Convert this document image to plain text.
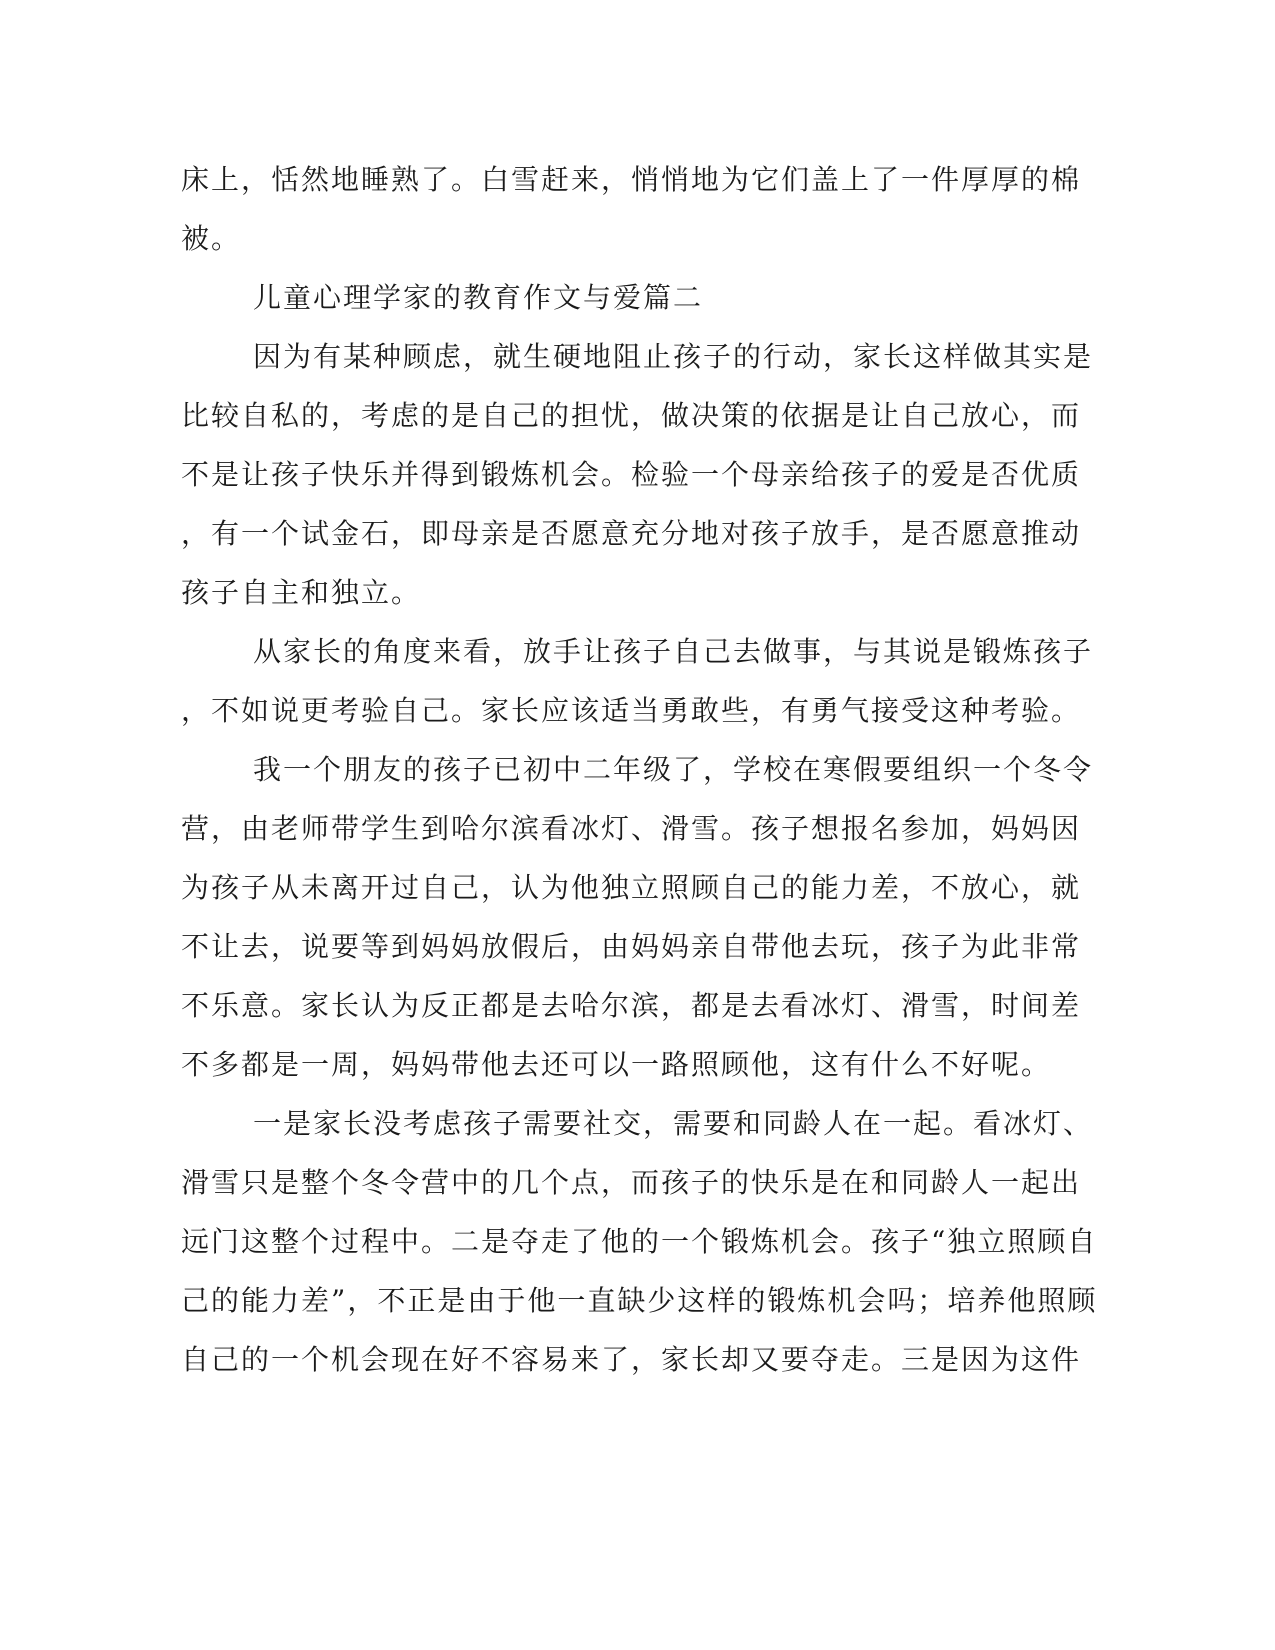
床上，恬然地睡熟了。白雪赶来，悄悄地为它们盖上了一件厚厚的棉
被。
儿童心理学家的教育作文与爱篇二
因为有某种顾虑，就生硬地阻止孩子的行动，家长这样做其实是
比较自私的，考虑的是自己的担忧，做决策的依据是让自己放心，而
不是让孩子快乐并得到锻炼机会。检验一个母亲给孩子的爱是否优质
，有一个试金石，即母亲是否愿意充分地对孩子放手，是否愿意推动
孩子自主和独立。
从家长的角度来看，放手让孩子自己去做事，与其说是锻炼孩子
，不如说更考验自己。家长应该适当勇敢些，有勇气接受这种考验。
我一个朋友的孩子已初中二年级了，学校在寒假要组织一个冬令
营，由老师带学生到哈尔滨看冰灯、滑雪。孩子想报名参加，妈妈因
为孩子从未离开过自己，认为他独立照顾自己的能力差，不放心，就
不让去，说要等到妈妈放假后，由妈妈亲自带他去玩，孩子为此非常
不乐意。家长认为反正都是去哈尔滨，都是去看冰灯、滑雪，时间差
不多都是一周，妈妈带他去还可以一路照顾他，这有什么不好呢。
一是家长没考虑孩子需要社交，需要和同龄人在一起。看冰灯、
滑雪只是整个冬令营中的几个点，而孩子的快乐是在和同龄人一起出
远门这整个过程中。二是夺走了他的一个锻炼机会。孩子“独立照顾自
己的能力差”，不正是由于他一直缺少这样的锻炼机会吗；培养他照顾
自己的一个机会现在好不容易来了，家长却又要夺走。三是因为这件
